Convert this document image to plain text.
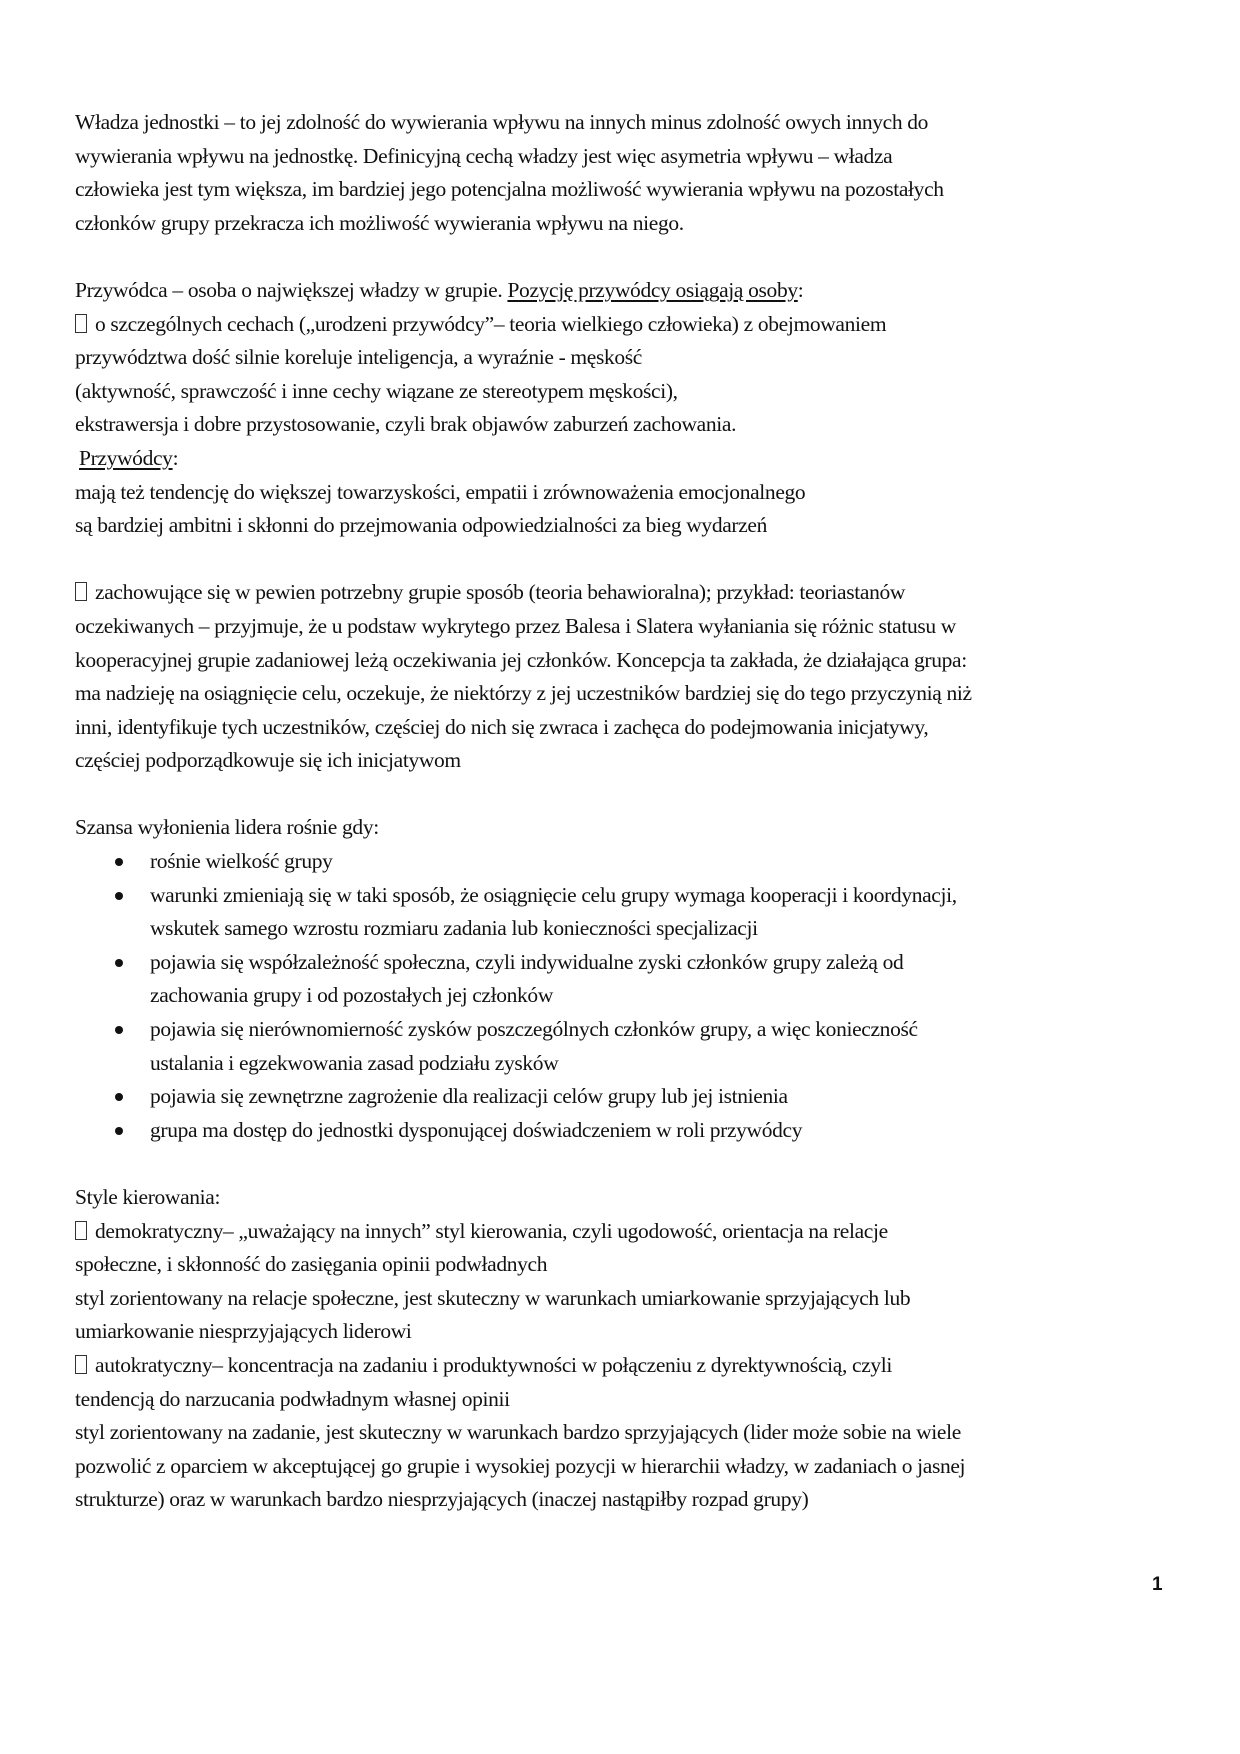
Władza jednostki – to jej zdolność do wywierania wpływu na innych minus zdolność owych innych do

wywierania wpływu na jednostkę. Definicyjną cechą władzy jest więc asymetria wpływu – władza

człowieka jest tym większa, im bardziej jego potencjalna możliwość wywierania wpływu na pozostałych

członków grupy przekracza ich możliwość wywierania wpływu na niego.

Przywódca – osoba o największej władzy w grupie. Pozycję przywódcy osiągają osoby:

o szczególnych cechach („urodzeni przywódcy”– teoria wielkiego człowieka) z obejmowaniem

przywództwa dość silnie koreluje inteligencja, a wyraźnie - męskość

(aktywność, sprawczość i inne cechy wiązane ze stereotypem męskości),

ekstrawersja i dobre przystosowanie, czyli brak objawów zaburzeń zachowania.

Przywódcy:

mają też tendencję do większej towarzyskości, empatii i zrównoważenia emocjonalnego

są bardziej ambitni i skłonni do przejmowania odpowiedzialności za bieg wydarzeń

zachowujące się w pewien potrzebny grupie sposób (teoria behawioralna); przykład: teoriastanów

oczekiwanych – przyjmuje, że u podstaw wykrytego przez Balesa i Slatera wyłaniania się różnic statusu w

kooperacyjnej grupie zadaniowej leżą oczekiwania jej członków. Koncepcja ta zakłada, że działająca grupa:

ma nadzieję na osiągnięcie celu, oczekuje, że niektórzy z jej uczestników bardziej się do tego przyczynią niż

inni, identyfikuje tych uczestników, częściej do nich się zwraca i zachęca do podejmowania inicjatywy,

częściej podporządkowuje się ich inicjatywom

Szansa wyłonienia lidera rośnie gdy:

rośnie wielkość grupy
warunki zmieniają się w taki sposób, że osiągnięcie celu grupy wymaga kooperacji i koordynacji,
wskutek samego wzrostu rozmiaru zadania lub konieczności specjalizacji
pojawia się współzależność społeczna, czyli indywidualne zyski członków grupy zależą od
zachowania grupy i od pozostałych jej członków
pojawia się nierównomierność zysków poszczególnych członków grupy, a więc konieczność
ustalania i egzekwowania zasad podziału zysków
pojawia się zewnętrzne zagrożenie dla realizacji celów grupy lub jej istnienia
grupa ma dostęp do jednostki dysponującej doświadczeniem w roli przywódcy

Style kierowania:

demokratyczny– „uważający na innych” styl kierowania, czyli ugodowość, orientacja na relacje

społeczne, i skłonność do zasięgania opinii podwładnych

styl zorientowany na relacje społeczne, jest skuteczny w warunkach umiarkowanie sprzyjających lub

umiarkowanie niesprzyjających liderowi

autokratyczny– koncentracja na zadaniu i produktywności w połączeniu z dyrektywnością, czyli

tendencją do narzucania podwładnym własnej opinii

styl zorientowany na zadanie, jest skuteczny w warunkach bardzo sprzyjających (lider może sobie na wiele

pozwolić z oparciem w akceptującej go grupie i wysokiej pozycji w hierarchii władzy, w zadaniach o jasnej

strukturze) oraz w warunkach bardzo niesprzyjających (inaczej nastąpiłby rozpad grupy)

1
